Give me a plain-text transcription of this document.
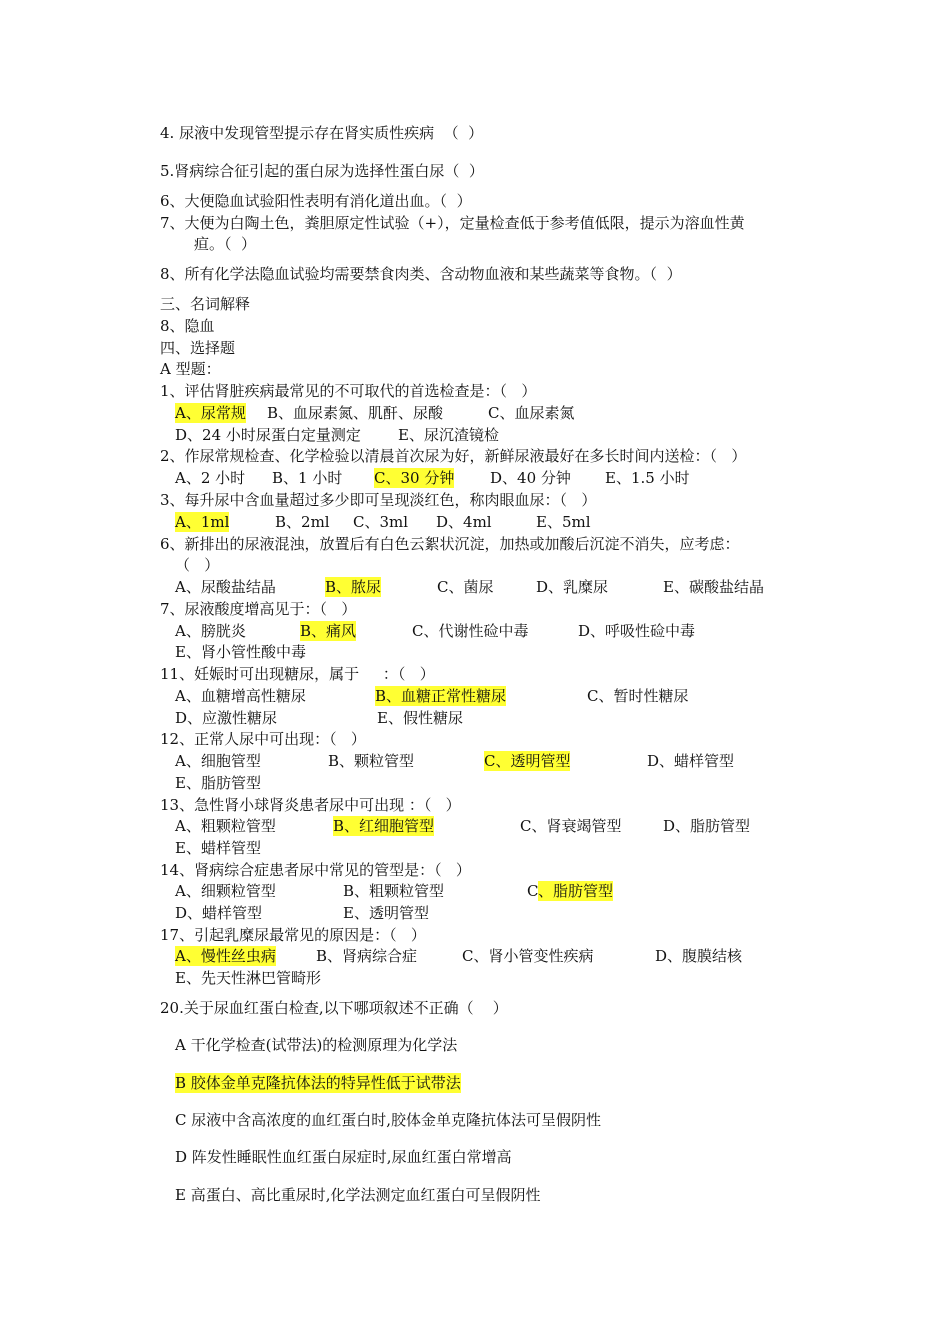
4. 尿液中发现管型提示存在肾实质性疾病  （  ）
5.肾病综合征引起的蛋白尿为选择性蛋白尿（  ）
6、大便隐血试验阳性表明有消化道出血。（  ）
7、大便为白陶土色，粪胆原定性试验（+），定量检查低于参考值低限，提示为溶血性黄
疸。（  ）
8、所有化学法隐血试验均需要禁食肉类、含动物血液和某些蔬菜等食物。（  ）
三、名词解释
8、隐血
四、选择题
A 型题：
1、评估肾脏疾病最常见的不可取代的首选检查是：（   ）
A、尿常规 B、血尿素氮、肌酐、尿酸	C、血尿素氮
D、24 小时尿蛋白定量测定 E、尿沉渣镜检
2、作尿常规检查、化学检验以清晨首次尿为好，新鲜尿液最好在多长时间内送检：（   ）
A、2 小时 B、1 小时 C、30 分钟 D、40 分钟 E、1.5 小时
3、每升尿中含血量超过多少即可呈现淡红色，称肉眼血尿：（   ）
A、1ml	B、2ml C、3ml D、4ml	E、5ml
6、新排出的尿液混浊，放置后有白色云絮状沉淀，加热或加酸后沉淀不消失，应考虑：
（   ）
A、尿酸盐结晶	B、脓尿	C、菌尿	D、乳糜尿	E、碳酸盐结晶
7、尿液酸度增高见于：（   ）
A、膀胱炎	B、痛风	C、代谢性硷中毒	D、呼吸性硷中毒
E、肾小管性酸中毒
11、妊娠时可出现糖尿，属于     ：（   ）
A、血糖增高性糖尿	B、血糖正常性糖尿	C、暂时性糖尿
D、应激性糖尿	E、假性糖尿
12、正常人尿中可出现：（   ）
A、细胞管型	B、颗粒管型	C、透明管型	D、蜡样管型
E、脂肪管型
13、急性肾小球肾炎患者尿中可出现 ：（   ）
A、粗颗粒管型	B、红细胞管型	C、肾衰竭管型	D、脂肪管型
E、蜡样管型
14、肾病综合症患者尿中常见的管型是：（   ）
A、细颗粒管型	B、粗颗粒管型	C 、脂肪管型
D、蜡样管型	E、透明管型
17、引起乳糜尿最常见的原因是：（   ）
A、慢性丝虫病	B、肾病综合症	C、肾小管变性疾病	D、腹膜结核
E、先天性淋巴管畸形
20.关于尿血红蛋白检查,以下哪项叙述不正确（    ）
A 干化学检查(试带法)的检测原理为化学法
B 胶体金单克隆抗体法的特异性低于试带法
C 尿液中含高浓度的血红蛋白时,胶体金单克隆抗体法可呈假阴性
D 阵发性睡眠性血红蛋白尿症时,尿血红蛋白常增高
E 高蛋白、高比重尿时,化学法测定血红蛋白可呈假阴性
